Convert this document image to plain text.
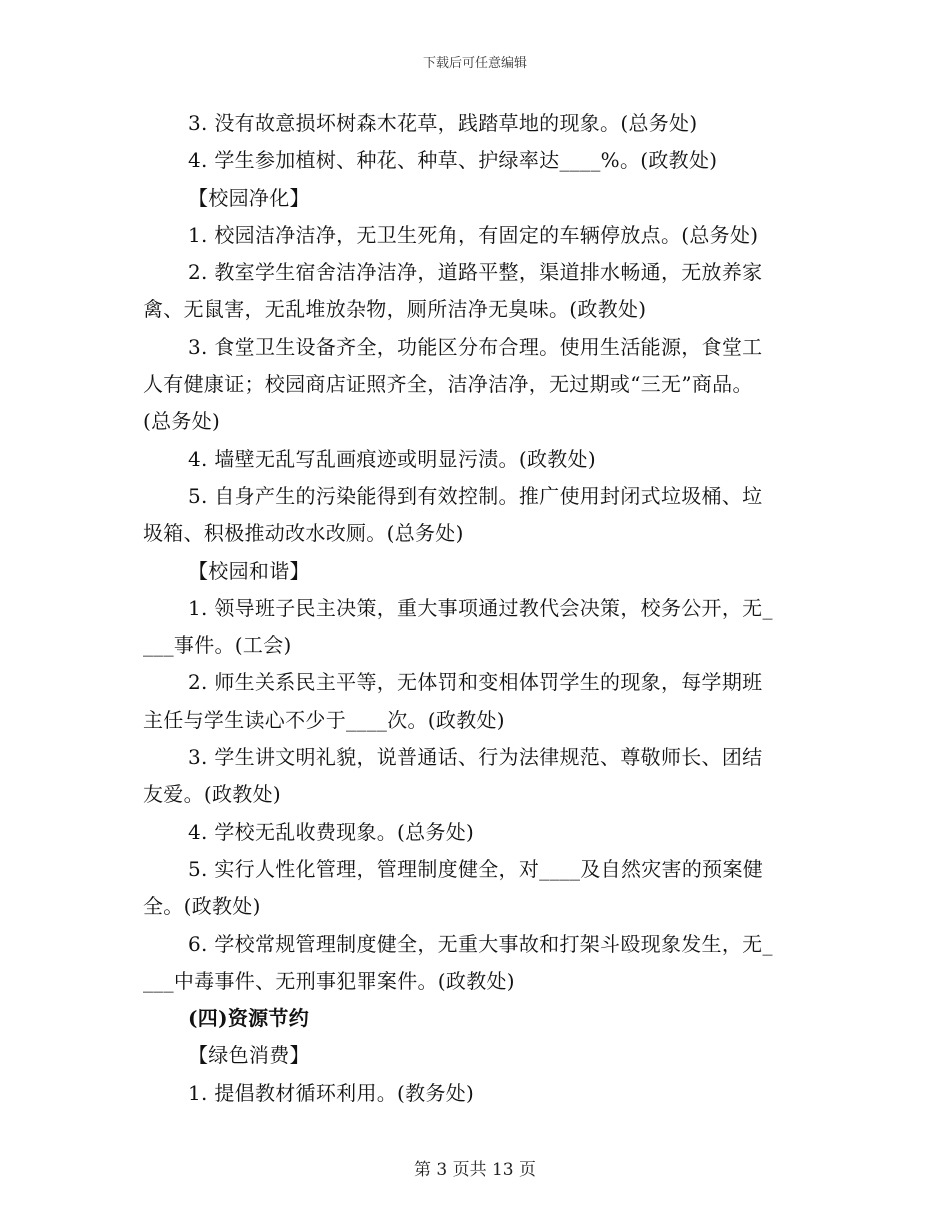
下载后可任意编辑
3. 没有故意损坏树森木花草，践踏草地的现象。(总务处)
4. 学生参加植树、种花、种草、护绿率达____%。(政教处)
【校园净化】
1. 校园洁净洁净，无卫生死角，有固定的车辆停放点。(总务处)
2. 教室学生宿舍洁净洁净，道路平整，渠道排水畅通，无放养家
禽、无鼠害，无乱堆放杂物，厕所洁净无臭味。(政教处)
3. 食堂卫生设备齐全，功能区分布合理。使用生活能源，食堂工
人有健康证；校园商店证照齐全，洁净洁净，无过期或“三无”商品。
(总务处)
4. 墙壁无乱写乱画痕迹或明显污渍。(政教处)
5. 自身产生的污染能得到有效控制。推广使用封闭式垃圾桶、垃
圾箱、积极推动改水改厕。(总务处)
【校园和谐】
1. 领导班子民主决策，重大事项通过教代会决策，校务公开，无_
___事件。(工会)
2. 师生关系民主平等，无体罚和变相体罚学生的现象，每学期班
主任与学生读心不少于____次。(政教处)
3. 学生讲文明礼貌，说普通话、行为法律规范、尊敬师长、团结
友爱。(政教处)
4. 学校无乱收费现象。(总务处)
5. 实行人性化管理，管理制度健全，对____及自然灾害的预案健
全。(政教处)
6. 学校常规管理制度健全，无重大事故和打架斗殴现象发生，无_
___中毒事件、无刑事犯罪案件。(政教处)
(四)资源节约
【绿色消费】
1. 提倡教材循环利用。(教务处)
第 3 页共 13 页
